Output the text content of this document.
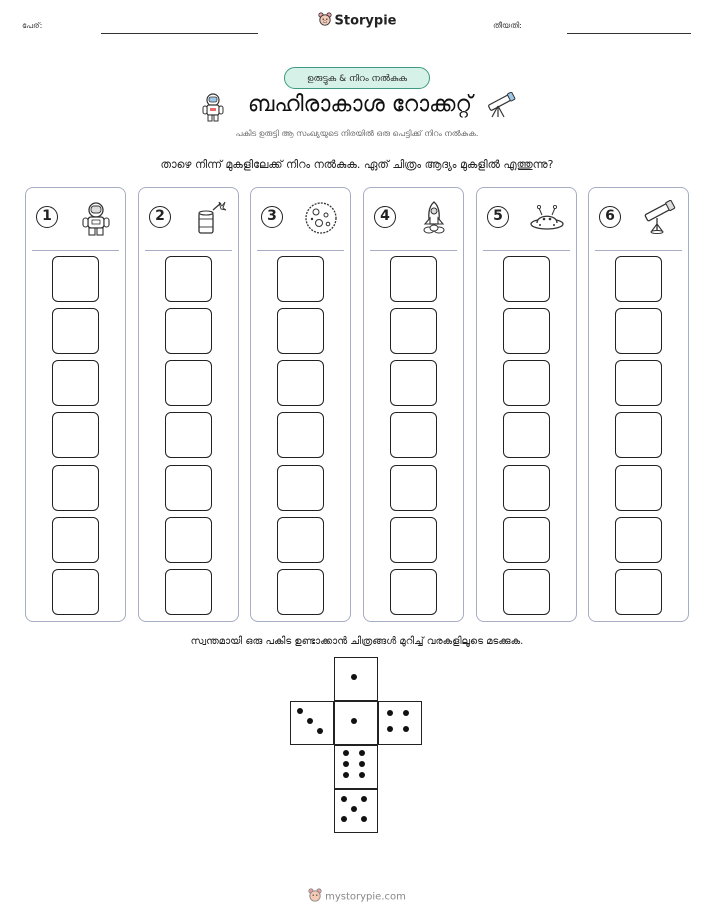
പേര്:	Storypie	തീയതി:
ഉരുട്ടുക & നിറം നൽകുക
ബഹിരാകാശ റോക്കറ്റ്
പകിട ഉരുട്ടി ആ സംഖ്യയുടെ നിരയിൽ ഒരു പെട്ടിക്ക് നിറം നൽകുക.
താഴെ നിന്ന് മുകളിലേക്ക് നിറം നൽകുക. ഏത് ചിത്രം ആദ്യം മുകളിൽ എത്തുന്നു?
1	2	3	4	5	6
സ്വന്തമായി ഒരു പകിട ഉണ്ടാക്കാൻ ചിത്രങ്ങൾ മുറിച്ച് വരകളിലൂടെ മടക്കുക.
mystorypie.com
